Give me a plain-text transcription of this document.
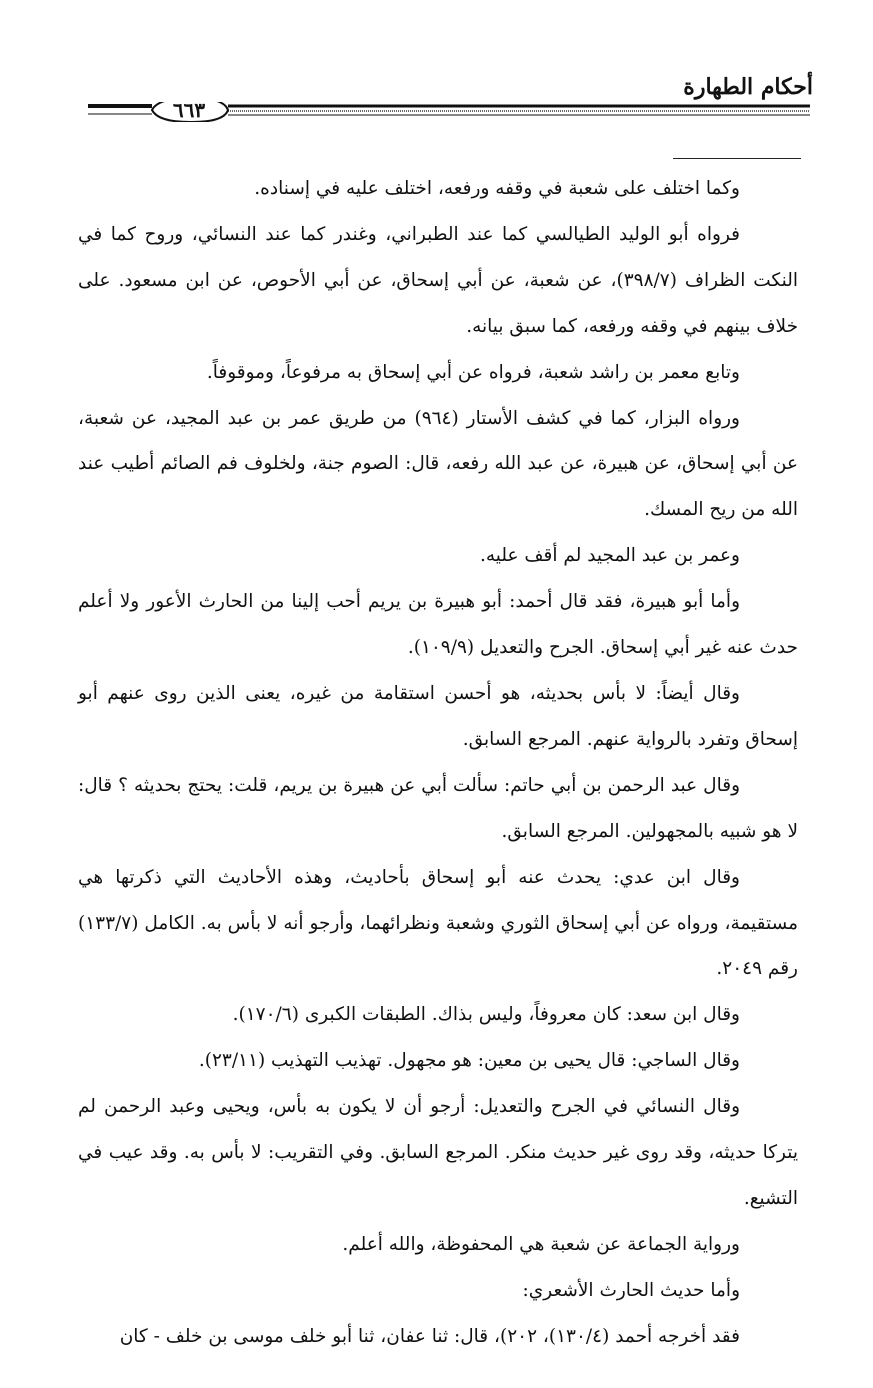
أحكام الطهارة
٦٦٣

وكما اختلف على شعبة في وقفه ورفعه، اختلف عليه في إسناده.

فرواه أبو الوليد الطيالسي كما عند الطبراني، وغندر كما عند النسائي، وروح كما في النكت الظراف (٣٩٨/٧)، عن شعبة، عن أبي إسحاق، عن أبي الأحوص، عن ابن مسعود. على خلاف بينهم في وقفه ورفعه، كما سبق بيانه.

وتابع معمر بن راشد شعبة، فرواه عن أبي إسحاق به مرفوعاً، وموقوفاً.

ورواه البزار، كما في كشف الأستار (٩٦٤) من طريق عمر بن عبد المجيد، عن شعبة، عن أبي إسحاق، عن هبيرة، عن عبد الله رفعه، قال: الصوم جنة، ولخلوف فم الصائم أطيب عند الله من ريح المسك.

وعمر بن عبد المجيد لم أقف عليه.

وأما أبو هبيرة، فقد قال أحمد: أبو هبيرة بن يريم أحب إلينا من الحارث الأعور ولا أعلم حدث عنه غير أبي إسحاق. الجرح والتعديل (١٠٩/٩).

وقال أيضاً: لا بأس بحديثه، هو أحسن استقامة من غيره، يعنى الذين روى عنهم أبو إسحاق وتفرد بالرواية عنهم. المرجع السابق.

وقال عبد الرحمن بن أبي حاتم: سألت أبي عن هبيرة بن يريم، قلت: يحتج بحديثه ؟ قال: لا هو شبيه بالمجهولين. المرجع السابق.

وقال ابن عدي: يحدث عنه أبو إسحاق بأحاديث، وهذه الأحاديث التي ذكرتها هي مستقيمة، ورواه عن أبي إسحاق الثوري وشعبة ونظرائهما، وأرجو أنه لا بأس به. الكامل (١٣٣/٧) رقم ٢٠٤٩.

وقال ابن سعد: كان معروفاً، وليس بذاك. الطبقات الكبرى (١٧٠/٦).

وقال الساجي: قال يحيى بن معين: هو مجهول. تهذيب التهذيب (٢٣/١١).

وقال النسائي في الجرح والتعديل: أرجو أن لا يكون به بأس، ويحيى وعبد الرحمن لم يتركا حديثه، وقد روى غير حديث منكر. المرجع السابق. وفي التقريب: لا بأس به. وقد عيب في التشيع.

ورواية الجماعة عن شعبة هي المحفوظة، والله أعلم.

وأما حديث الحارث الأشعري:

فقد أخرجه أحمد (١٣٠/٤)، ٢٠٢)، قال: ثنا عفان، ثنا أبو خلف موسى بن خلف - كان
